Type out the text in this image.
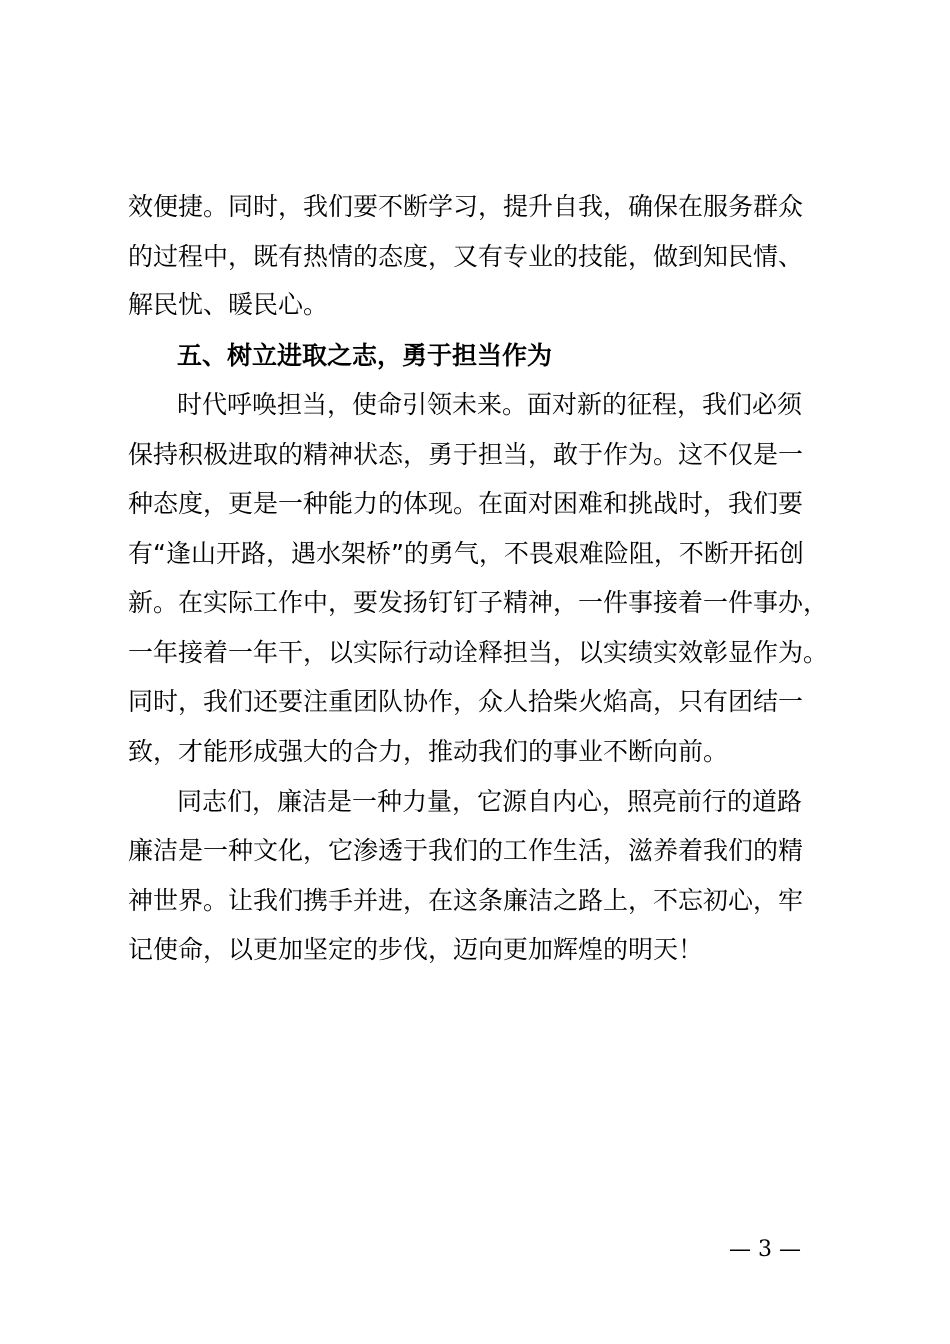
效便捷。同时，我们要不断学习，提升自我，确保在服务群众
的过程中，既有热情的态度，又有专业的技能，做到知民情、
解民忧、暖民心。
五、树立进取之志，勇于担当作为
时代呼唤担当，使命引领未来。面对新的征程，我们必须
保持积极进取的精神状态，勇于担当，敢于作为。这不仅是一
种态度，更是一种能力的体现。在面对困难和挑战时，我们要
有“逢山开路，遇水架桥”的勇气，不畏艰难险阻，不断开拓创
新。在实际工作中，要发扬钉钉子精神，一件事接着一件事办，
一年接着一年干，以实际行动诠释担当，以实绩实效彰显作为。
同时，我们还要注重团队协作，众人拾柴火焰高，只有团结一
致，才能形成强大的合力，推动我们的事业不断向前。
同志们，廉洁是一种力量，它源自内心，照亮前行的道路
廉洁是一种文化，它渗透于我们的工作生活，滋养着我们的精
神世界。让我们携手并进，在这条廉洁之路上，不忘初心，牢
记使命，以更加坚定的步伐，迈向更加辉煌的明天！
— 3 —
